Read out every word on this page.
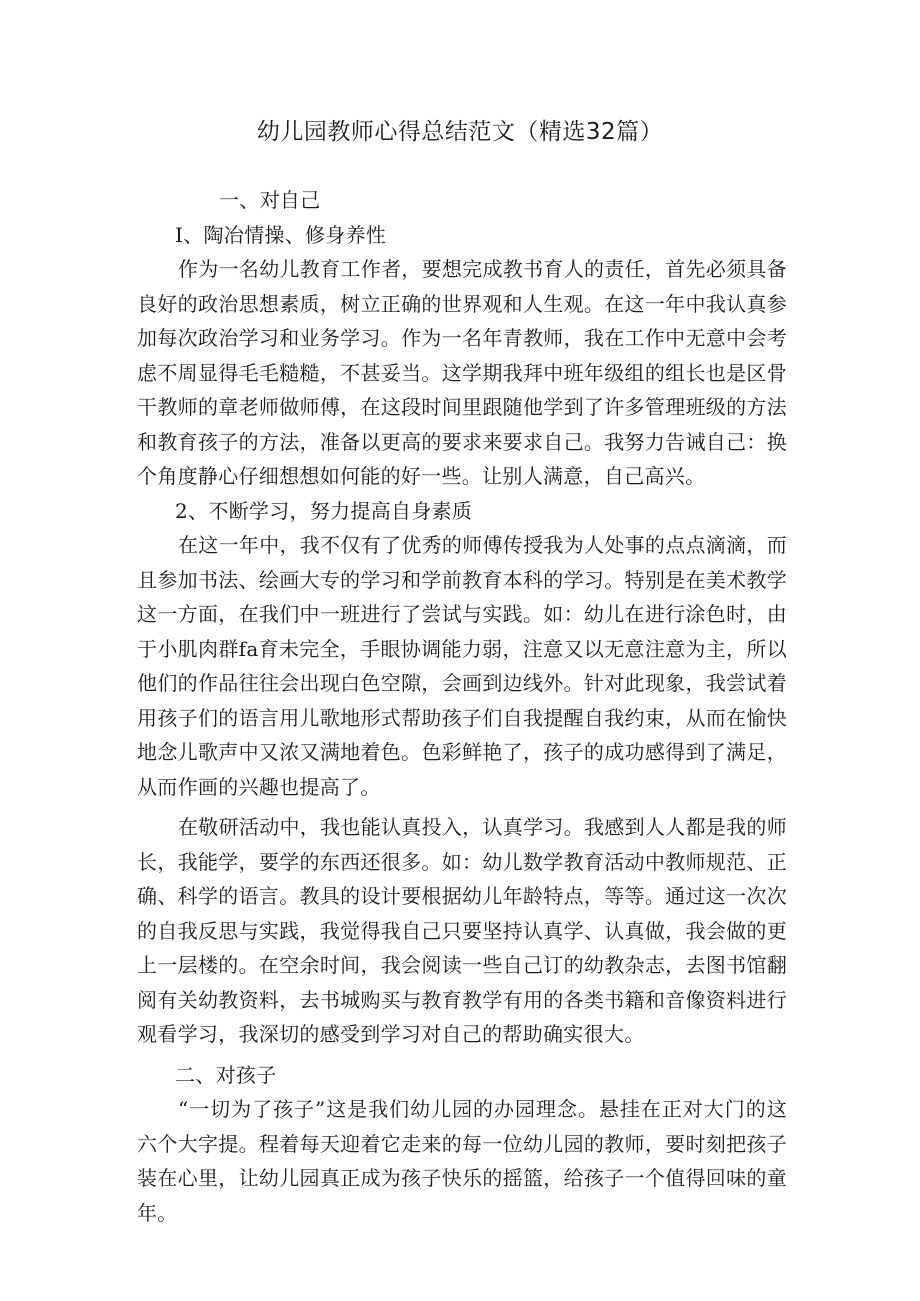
幼儿园教师心得总结范文（精选32篇）

一、对自己

I、陶冶情操、修身养性

作为一名幼儿教育工作者，要想完成教书育人的责任，首先必须具备良好的政治思想素质，树立正确的世界观和人生观。在这一年中我认真参加每次政治学习和业务学习。作为一名年青教师，我在工作中无意中会考虑不周显得毛毛糙糙，不甚妥当。这学期我拜中班年级组的组长也是区骨干教师的章老师做师傅，在这段时间里跟随他学到了许多管理班级的方法和教育孩子的方法，准备以更高的要求来要求自己。我努力告诫自己：换个角度静心仔细想想如何能的好一些。让别人满意，自己高兴。

2、不断学习，努力提高自身素质

在这一年中，我不仅有了优秀的师傅传授我为人处事的点点滴滴，而且参加书法、绘画大专的学习和学前教育本科的学习。特别是在美术教学这一方面，在我们中一班进行了尝试与实践。如：幼儿在进行涂色时，由于小肌肉群fa育未完全，手眼协调能力弱，注意又以无意注意为主，所以他们的作品往往会出现白色空隙，会画到边线外。针对此现象，我尝试着用孩子们的语言用儿歌地形式帮助孩子们自我提醒自我约束，从而在愉快地念儿歌声中又浓又满地着色。色彩鲜艳了，孩子的成功感得到了满足，从而作画的兴趣也提高了。

在敬研活动中，我也能认真投入，认真学习。我感到人人都是我的师长，我能学，要学的东西还很多。如：幼儿数学教育活动中教师规范、正确、科学的语言。教具的设计要根据幼儿年龄特点，等等。通过这一次次的自我反思与实践，我觉得我自己只要坚持认真学、认真做，我会做的更上一层楼的。在空余时间，我会阅读一些自己订的幼教杂志，去图书馆翻阅有关幼教资料，去书城购买与教育教学有用的各类书籍和音像资料进行观看学习，我深切的感受到学习对自己的帮助确实很大。

二、对孩子

“一切为了孩子”这是我们幼儿园的办园理念。悬挂在正对大门的这六个大字提。程着每天迎着它走来的每一位幼儿园的教师，要时刻把孩子装在心里，让幼儿园真正成为孩子快乐的摇篮，给孩子一个值得回味的童年。
